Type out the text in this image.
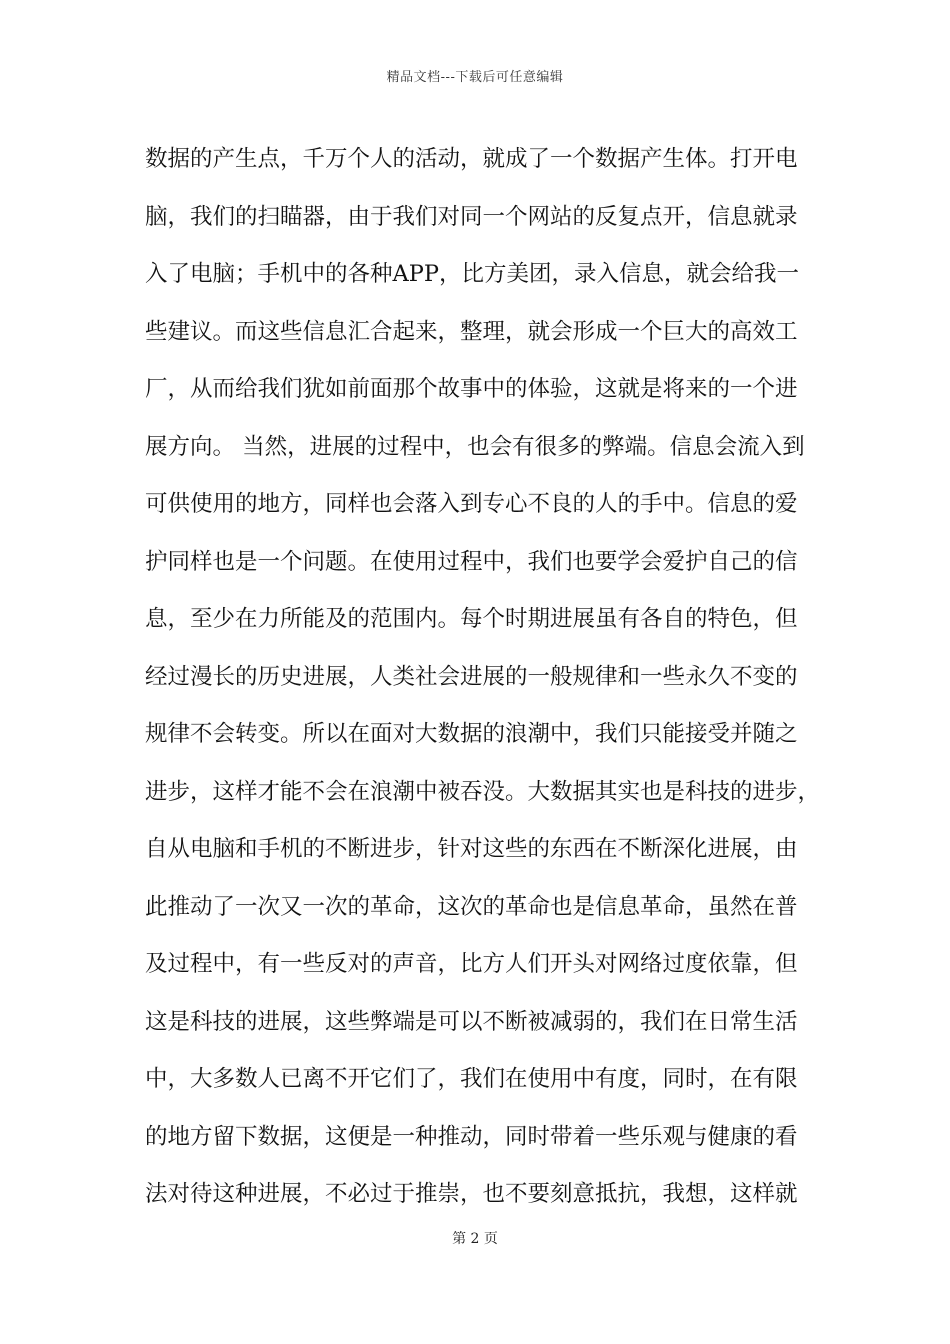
精品文档---下载后可任意编辑
数据的产生点，千万个人的活动，就成了一个数据产生体。打开电
脑，我们的扫瞄器，由于我们对同一个网站的反复点开，信息就录
入了电脑；手机中的各种APP，比方美团，录入信息，就会给我一
些建议。而这些信息汇合起来，整理，就会形成一个巨大的高效工
厂，从而给我们犹如前面那个故事中的体验，这就是将来的一个进
展方向。 当然，进展的过程中，也会有很多的弊端。信息会流入到
可供使用的地方，同样也会落入到专心不良的人的手中。信息的爱
护同样也是一个问题。在使用过程中，我们也要学会爱护自己的信
息，至少在力所能及的范围内。每个时期进展虽有各自的特色，但
经过漫长的历史进展，人类社会进展的一般规律和一些永久不变的
规律不会转变。所以在面对大数据的浪潮中，我们只能接受并随之
进步，这样才能不会在浪潮中被吞没。大数据其实也是科技的进步，
自从电脑和手机的不断进步，针对这些的东西在不断深化进展，由
此推动了一次又一次的革命，这次的革命也是信息革命，虽然在普
及过程中，有一些反对的声音，比方人们开头对网络过度依靠，但
这是科技的进展，这些弊端是可以不断被减弱的，我们在日常生活
中，大多数人已离不开它们了，我们在使用中有度，同时，在有限
的地方留下数据，这便是一种推动，同时带着一些乐观与健康的看
法对待这种进展，不必过于推崇，也不要刻意抵抗，我想，这样就
第 2 页
